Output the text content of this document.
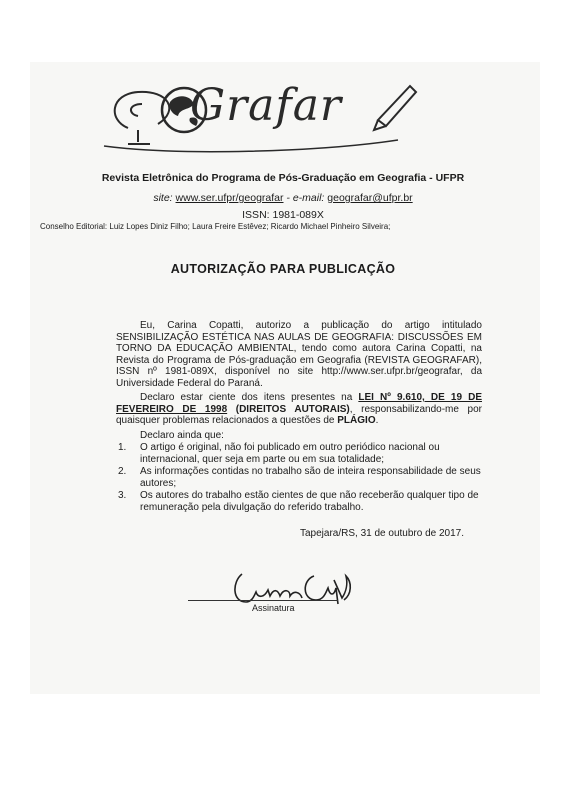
Grafar
Revista Eletrônica do Programa de Pós-Graduação em Geografia - UFPR
site: www.ser.ufpr/geografar - e-mail: geografar@ufpr.br
ISSN: 1981-089X
Conselho Editorial: Luiz Lopes Diniz Filho; Laura Freire Estêvez; Ricardo Michael Pinheiro Silveira;
AUTORIZAÇÃO PARA PUBLICAÇÃO
Eu, Carina Copatti, autorizo a publicação do artigo intitulado SENSIBILIZAÇÃO ESTÉTICA NAS AULAS DE GEOGRAFIA: DISCUSSÕES EM TORNO DA EDUCAÇÃO AMBIENTAL, tendo como autora Carina Copatti, na Revista do Programa de Pós-graduação em Geografia (REVISTA GEOGRAFAR), ISSN nº 1981-089X, disponível no site http://www.ser.ufpr.br/geografar, da Universidade Federal do Paraná.
Declaro estar ciente dos itens presentes na LEI Nº 9.610, DE 19 DE FEVEREIRO DE 1998 (DIREITOS AUTORAIS), responsabilizando-me por quaisquer problemas relacionados a questões de PLÁGIO.
Declaro ainda que:
1. O artigo é original, não foi publicado em outro periódico nacional ou internacional, quer seja em parte ou em sua totalidade;
2. As informações contidas no trabalho são de inteira responsabilidade de seus autores;
3. Os autores do trabalho estão cientes de que não receberão qualquer tipo de remuneração pela divulgação do referido trabalho.
Tapejara/RS, 31 de outubro de 2017.
Assinatura
